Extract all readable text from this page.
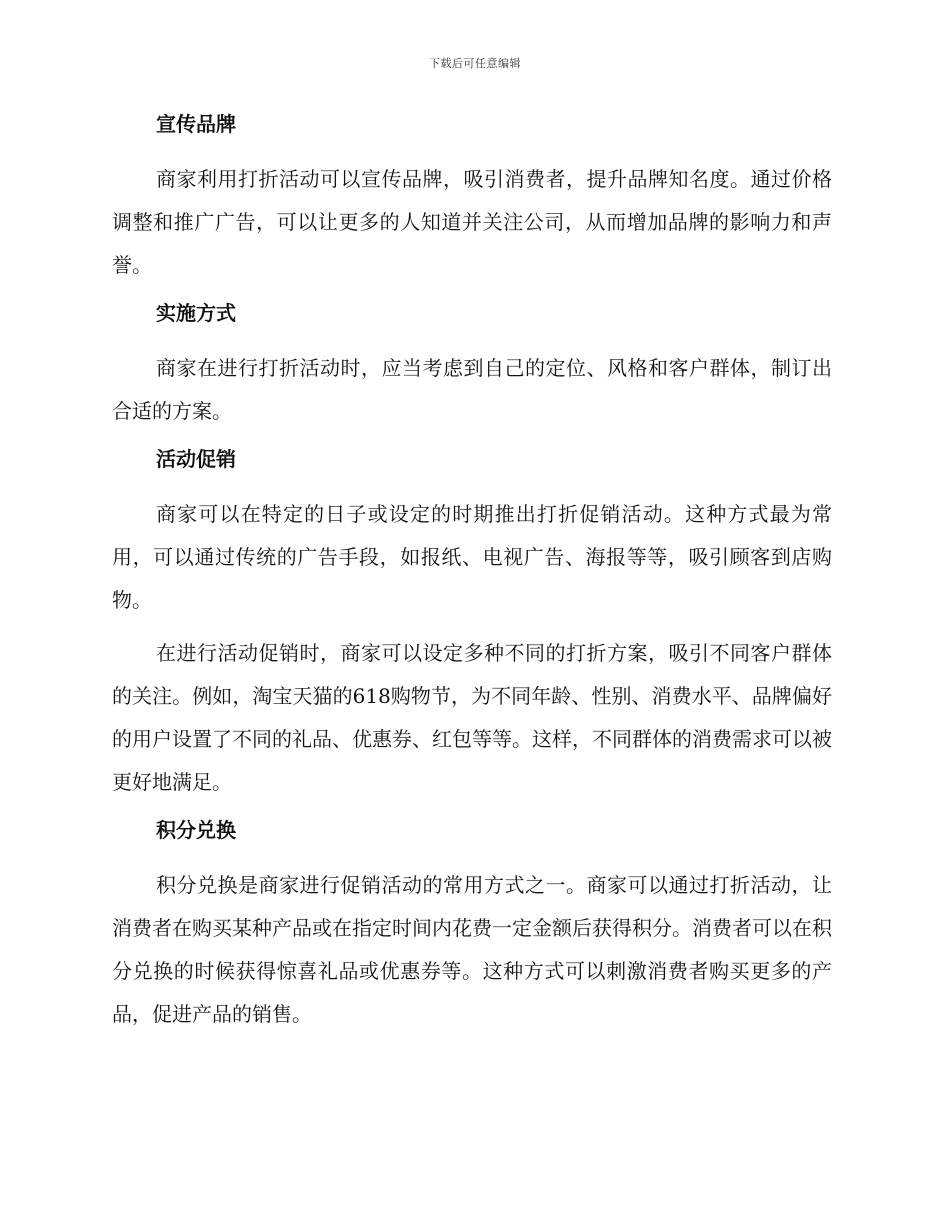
下载后可任意编辑
宣传品牌

商家利用打折活动可以宣传品牌，吸引消费者，提升品牌知名度。通过价格调整和推广广告，可以让更多的人知道并关注公司，从而增加品牌的影响力和声誉。

实施方式

商家在进行打折活动时，应当考虑到自己的定位、风格和客户群体，制订出合适的方案。

活动促销

商家可以在特定的日子或设定的时期推出打折促销活动。这种方式最为常用，可以通过传统的广告手段，如报纸、电视广告、海报等等，吸引顾客到店购物。

在进行活动促销时，商家可以设定多种不同的打折方案，吸引不同客户群体的关注。例如，淘宝天猫的618购物节，为不同年龄、性别、消费水平、品牌偏好的用户设置了不同的礼品、优惠券、红包等等。这样，不同群体的消费需求可以被更好地满足。

积分兑换

积分兑换是商家进行促销活动的常用方式之一。商家可以通过打折活动，让消费者在购买某种产品或在指定时间内花费一定金额后获得积分。消费者可以在积分兑换的时候获得惊喜礼品或优惠券等。这种方式可以刺激消费者购买更多的产品，促进产品的销售。
